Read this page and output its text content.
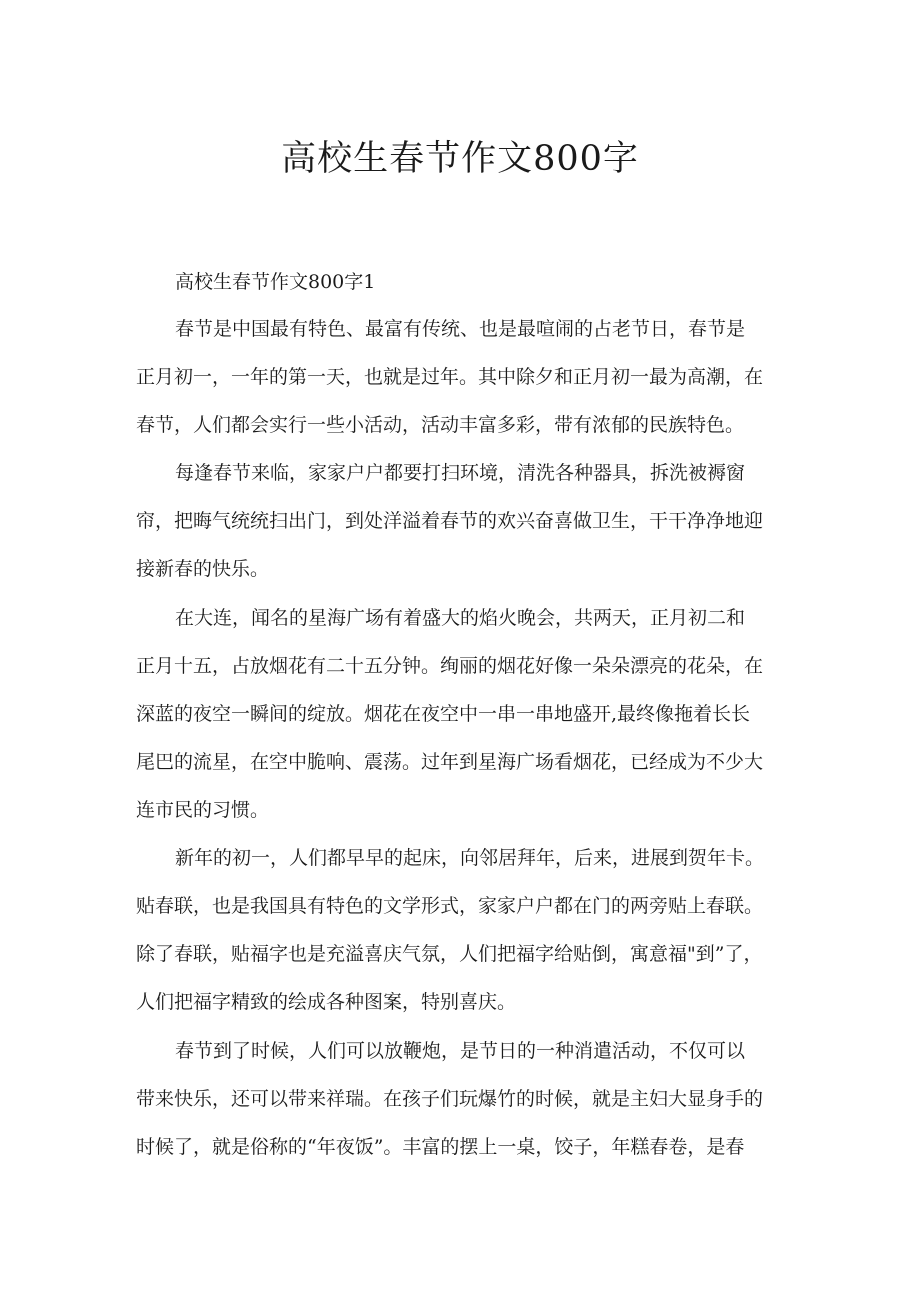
高校生春节作文800字

高校生春节作文800字1

春节是中国最有特色、最富有传统、也是最喧闹的占老节日，春节是

正月初一，一年的第一天，也就是过年。其中除夕和正月初一最为高潮，在

春节，人们都会实行一些小活动，活动丰富多彩，带有浓郁的民族特色。

每逢春节来临，家家户户都要打扫环境，清洗各种器具，拆洗被褥窗

帘，把晦气统统扫出门，到处洋溢着春节的欢兴奋喜做卫生，干干净净地迎

接新春的快乐。

在大连，闻名的星海广场有着盛大的焰火晚会，共两天，正月初二和

正月十五，占放烟花有二十五分钟。绚丽的烟花好像一朵朵漂亮的花朵，在

深蓝的夜空一瞬间的绽放。烟花在夜空中一串一串地盛开,最终像拖着长长

尾巴的流星，在空中脆响、震荡。过年到星海广场看烟花，已经成为不少大

连市民的习惯。

新年的初一，人们都早早的起床，向邻居拜年，后来，进展到贺年卡。

贴春联，也是我国具有特色的文学形式，家家户户都在门的两旁贴上春联。

除了春联，贴福字也是充溢喜庆气氛，人们把福字给贴倒，寓意福"到”了，

人们把福字精致的绘成各种图案，特别喜庆。

春节到了时候，人们可以放鞭炮，是节日的一种消遣活动，不仅可以

带来快乐，还可以带来祥瑞。在孩子们玩爆竹的时候，就是主妇大显身手的

时候了，就是俗称的“年夜饭”。丰富的摆上一桌，饺子，年糕春卷，是春
